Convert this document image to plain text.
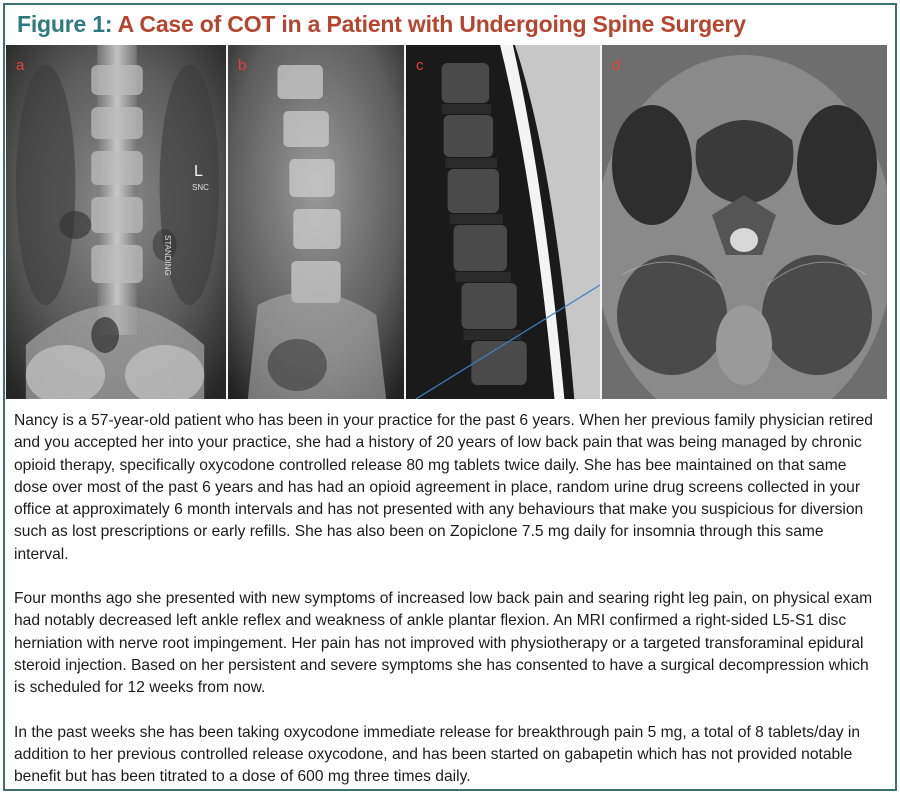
Figure 1: A Case of COT in a Patient with Undergoing Spine Surgery
a
L
SNC
STANDING
b	c	d

Nancy is a 57-year-old patient who has been in your practice for the past 6 years. When her previous family physician retired and you accepted her into your practice, she had a history of 20 years of low back pain that was being managed by chronic opioid therapy, specifically oxycodone controlled release 80 mg tablets twice daily. She has bee maintained on that same dose over most of the past 6 years and has had an opioid agreement in place, random urine drug screens collected in your office at approximately 6 month intervals and has not presented with any behaviours that make you suspicious for diversion such as lost prescriptions or early refills. She has also been on Zopiclone 7.5 mg daily for insomnia through this same interval.

Four months ago she presented with new symptoms of increased low back pain and searing right leg pain, on physical exam had notably decreased left ankle reflex and weakness of ankle plantar flexion. An MRI confirmed a right-sided L5-S1 disc herniation with nerve root impingement. Her pain has not improved with physiotherapy or a targeted transforaminal epidural steroid injection. Based on her persistent and severe symptoms she has consented to have a surgical decompression which is scheduled for 12 weeks from now.

In the past weeks she has been taking oxycodone immediate release for breakthrough pain 5 mg, a total of 8 tablets/day in addition to her previous controlled release oxycodone, and has been started on gabapetin which has not provided notable benefit but has been titrated to a dose of 600 mg three times daily.
